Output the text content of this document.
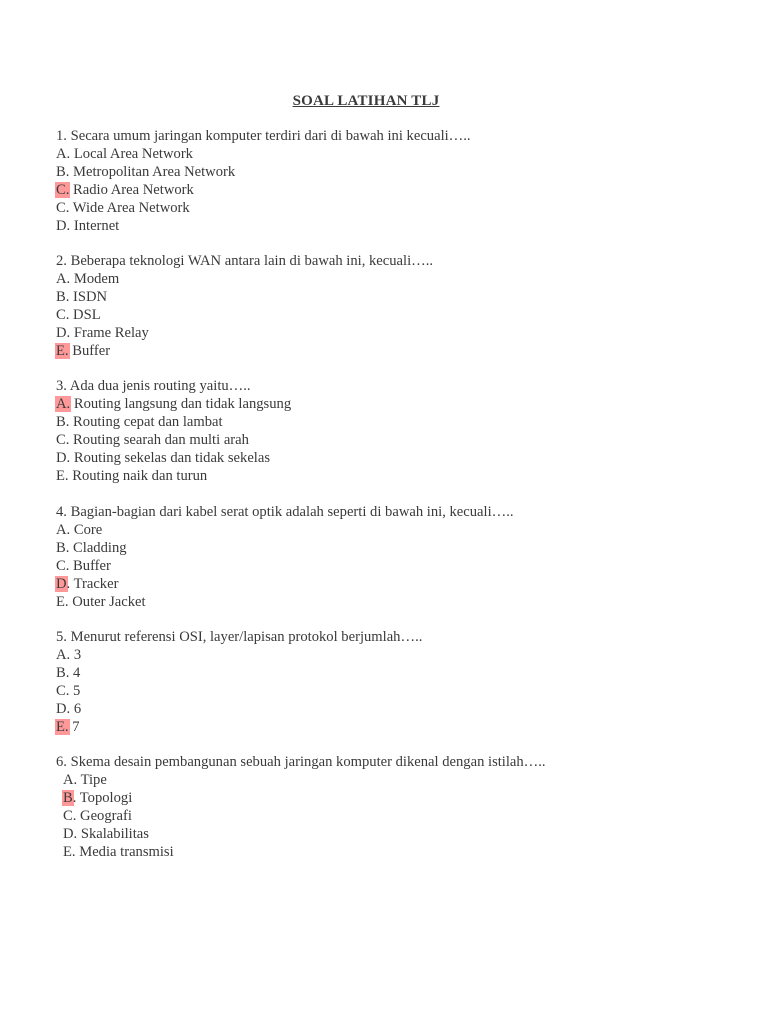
SOAL LATIHAN TLJ
1. Secara umum jaringan komputer terdiri dari di bawah ini kecuali…..
A. Local Area Network
B. Metropolitan Area Network
C. Radio Area Network
C. Wide Area Network
D. Internet
2. Beberapa teknologi WAN antara lain di bawah ini, kecuali…..
A. Modem
B. ISDN
C. DSL
D. Frame Relay
E. Buffer
3. Ada dua jenis routing yaitu…..
A. Routing langsung dan tidak langsung
B. Routing cepat dan lambat
C. Routing searah dan multi arah
D. Routing sekelas dan tidak sekelas
E. Routing naik dan turun
4. Bagian-bagian dari kabel serat optik adalah seperti di bawah ini, kecuali…..
A. Core
B. Cladding
C. Buffer
D. Tracker
E. Outer Jacket
5. Menurut referensi OSI, layer/lapisan protokol berjumlah…..
A. 3
B. 4
C. 5
D. 6
E. 7
6. Skema desain pembangunan sebuah jaringan komputer dikenal dengan istilah…..
A. Tipe
B. Topologi
C. Geografi
D. Skalabilitas
E. Media transmisi
